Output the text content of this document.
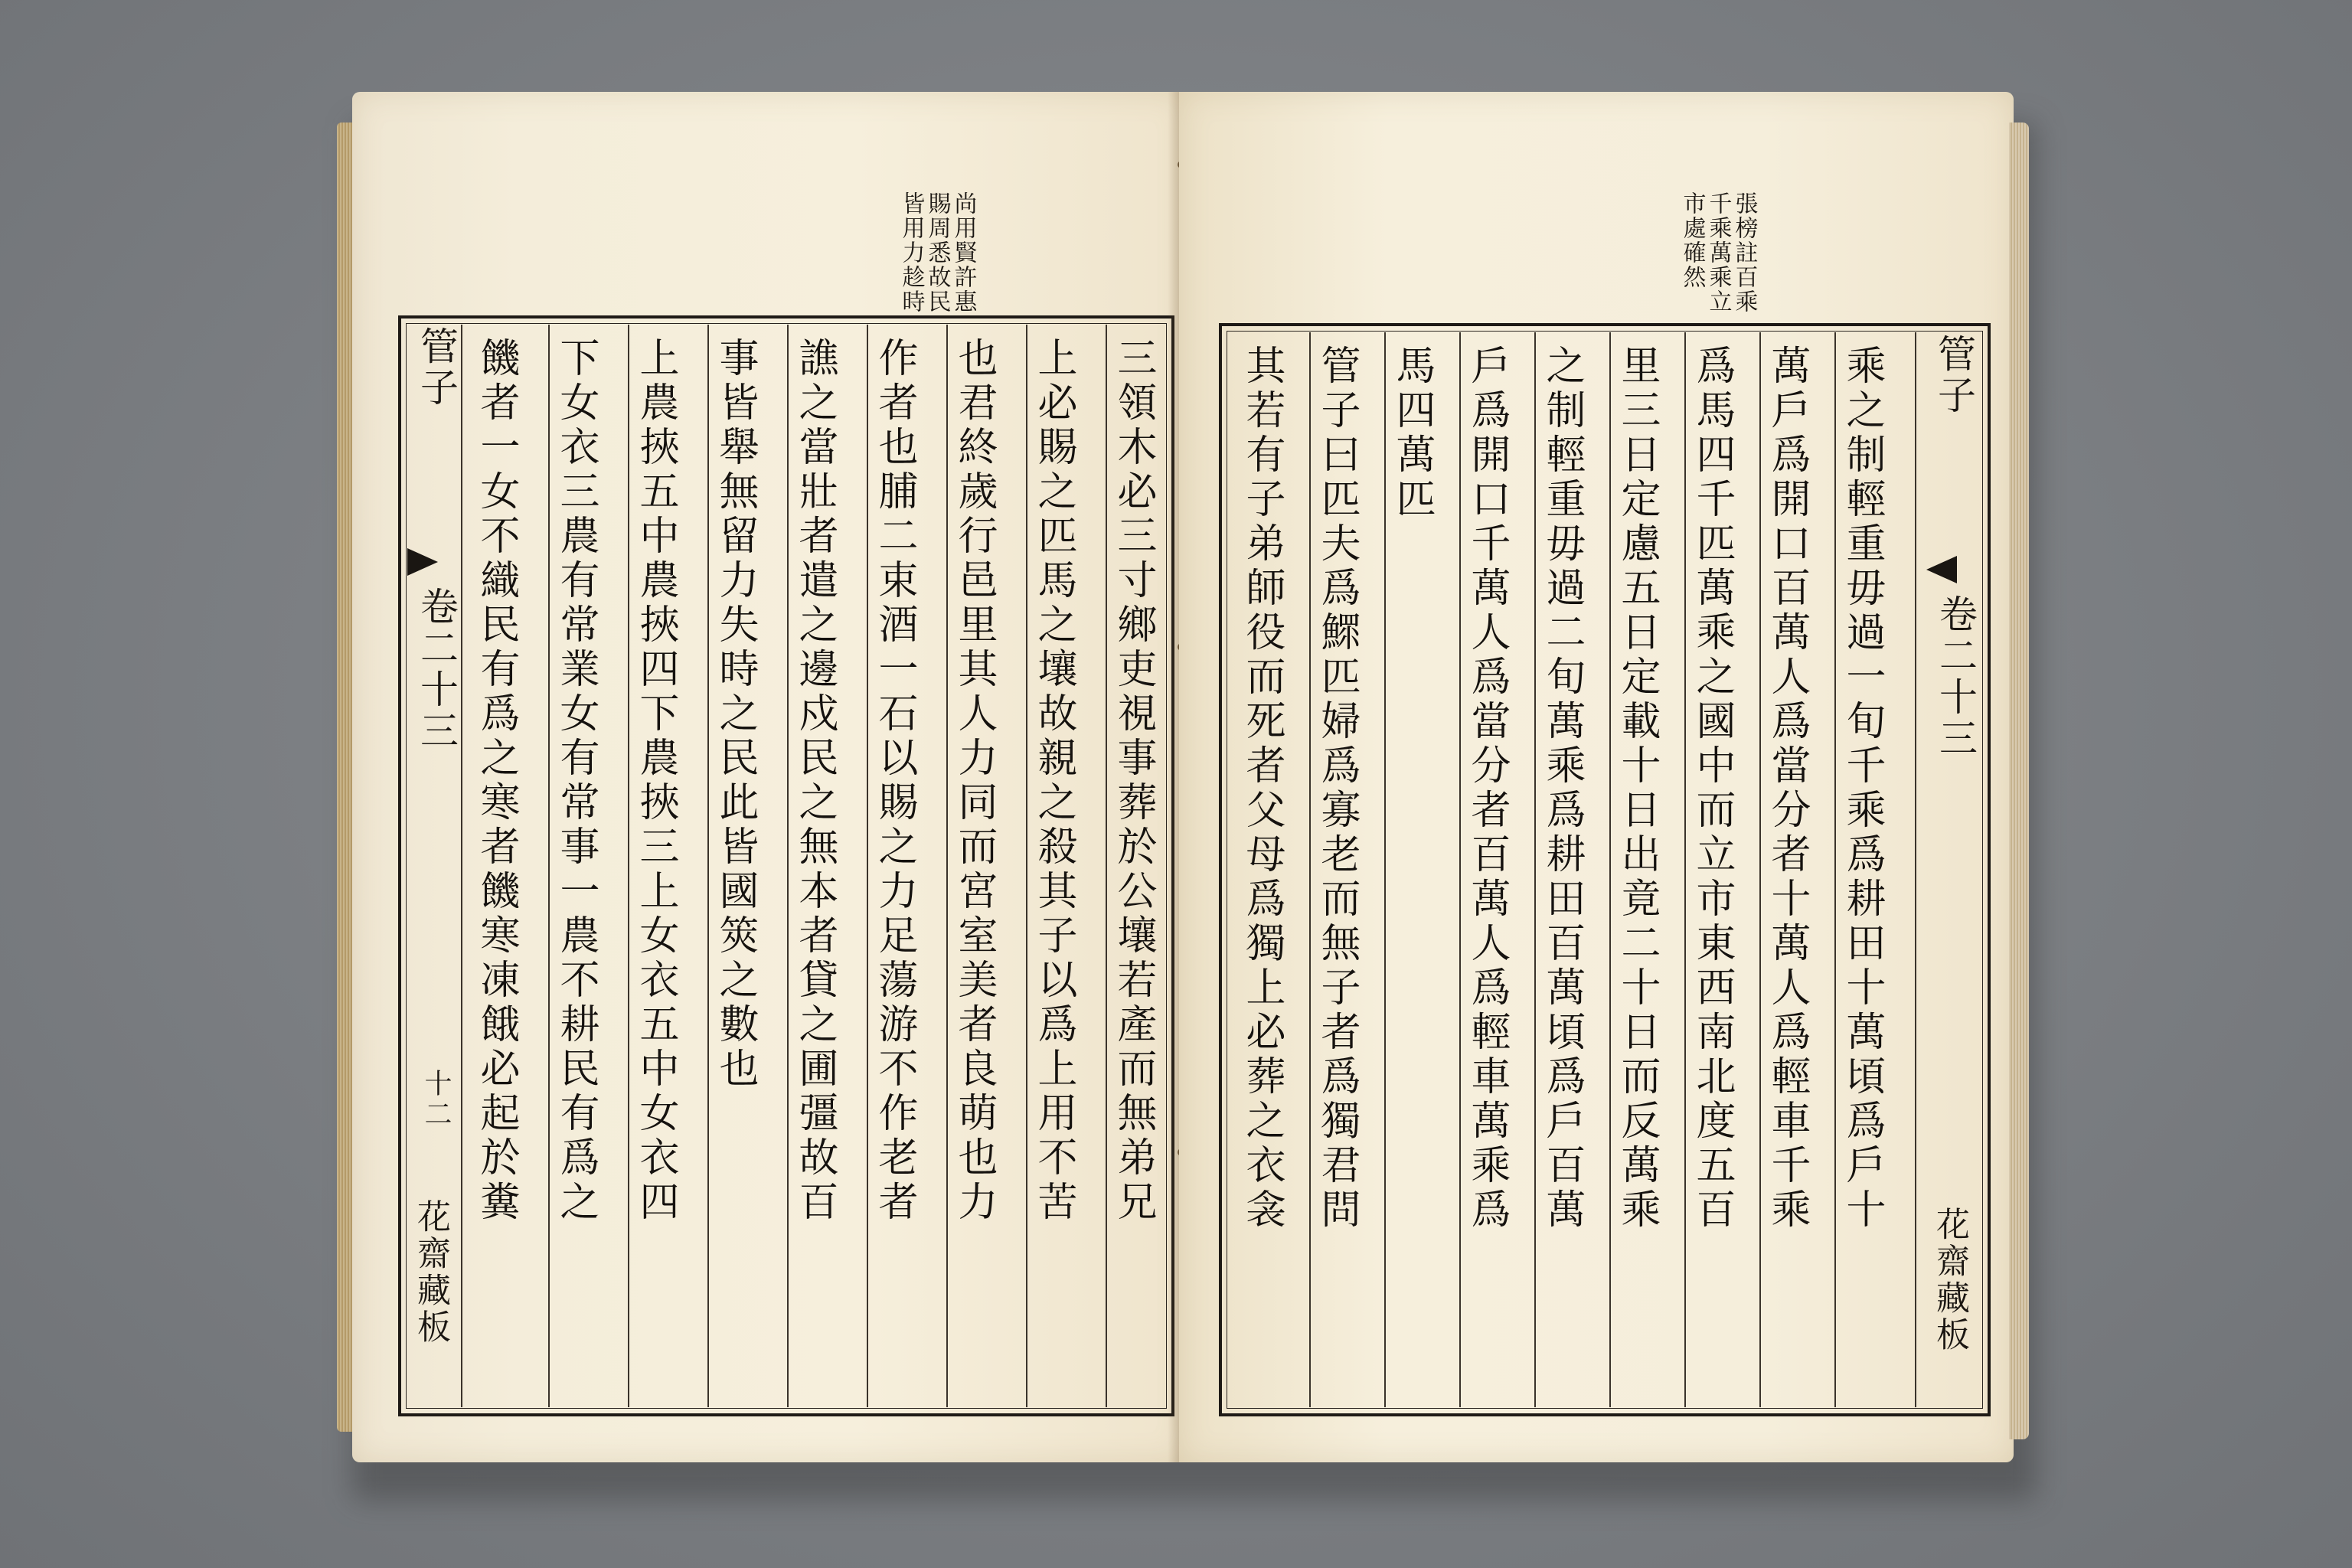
尚用賢許惠
賜周悉故民
皆用力趁時
管子
卷二十三
十二
花齋藏板
三領木必三寸鄉吏視事葬於公壤若產而無弟兄
上必賜之匹馬之壤故親之殺其子以爲上用不苦
也君終歲行邑里其人力同而宮室美者良萌也力
作者也脯二束酒一石以賜之力足蕩游不作老者
譙之當壯者遣之邊戍民之無本者貸之圃彊故百
事皆舉無留力失時之民此皆國筴之數也
上農挾五中農挾四下農挾三上女衣五中女衣四
下女衣三農有常業女有常事一農不耕民有爲之
饑者一女不織民有爲之寒者饑寒凍餓必起於糞
張榜註百乘
千乘萬乘立
市處確然
乘之制輕重毋過一旬千乘爲耕田十萬頃爲戶十
萬戶爲開口百萬人爲當分者十萬人爲輕車千乘
爲馬四千匹萬乘之國中而立市東西南北度五百
里三日定慮五日定載十日出竟二十日而反萬乘
之制輕重毋過二旬萬乘爲耕田百萬頃爲戶百萬
戶爲開口千萬人爲當分者百萬人爲輕車萬乘爲
馬四萬匹
管子曰匹夫爲鰥匹婦爲寡老而無子者爲獨君問
其若有子弟師役而死者父母爲獨上必葬之衣衾	管子
卷二十三
花齋藏板
